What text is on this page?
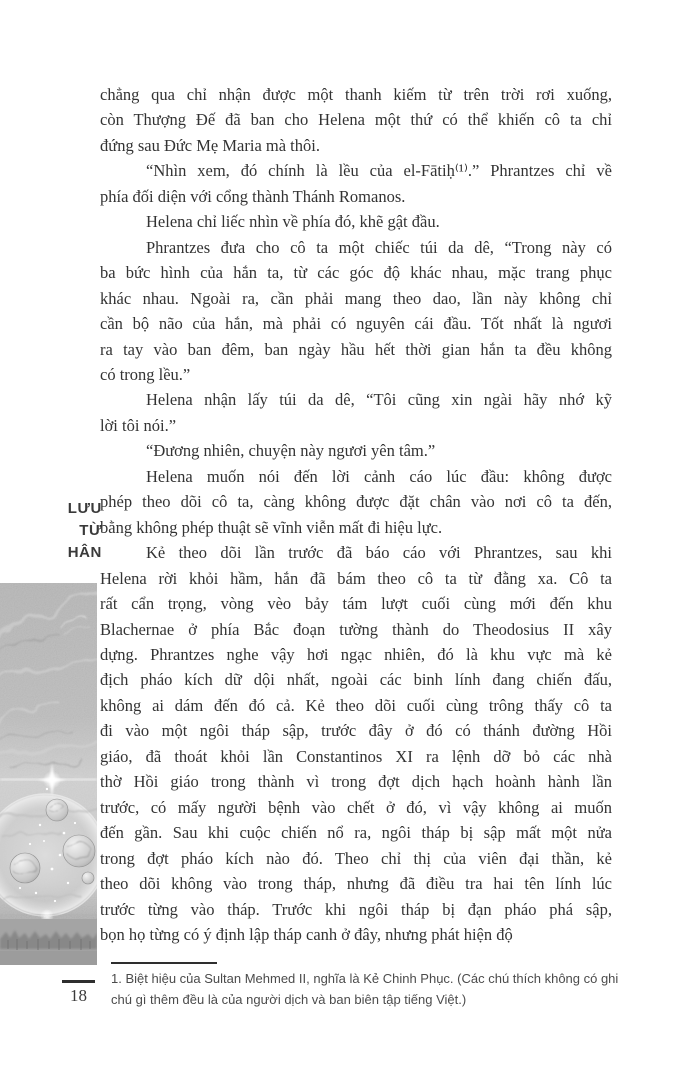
LƯU
TỪ
HÂN
chẳng qua chỉ nhận được một thanh kiếm từ trên trời rơi xuống,
còn Thượng Đế đã ban cho Helena một thứ có thể khiến cô ta chỉ
đứng sau Đức Mẹ Maria mà thôi.
“Nhìn xem, đó chính là lều của el-Fātiḥ⁽¹⁾.” Phrantzes chỉ về
phía đối diện với cổng thành Thánh Romanos.
Helena chỉ liếc nhìn về phía đó, khẽ gật đầu.
Phrantzes đưa cho cô ta một chiếc túi da dê, “Trong này có
ba bức hình của hắn ta, từ các góc độ khác nhau, mặc trang phục
khác nhau. Ngoài ra, cần phải mang theo dao, lần này không chỉ
cần bộ não của hắn, mà phải có nguyên cái đầu. Tốt nhất là ngươi
ra tay vào ban đêm, ban ngày hầu hết thời gian hắn ta đều không
có trong lều.”
Helena nhận lấy túi da dê, “Tôi cũng xin ngài hãy nhớ kỹ
lời tôi nói.”
“Đương nhiên, chuyện này ngươi yên tâm.”
Helena muốn nói đến lời cảnh cáo lúc đầu: không được
phép theo dõi cô ta, càng không được đặt chân vào nơi cô ta đến,
bằng không phép thuật sẽ vĩnh viễn mất đi hiệu lực.
Kẻ theo dõi lần trước đã báo cáo với Phrantzes, sau khi
Helena rời khỏi hầm, hắn đã bám theo cô ta từ đằng xa. Cô ta
rất cẩn trọng, vòng vèo bảy tám lượt cuối cùng mới đến khu
Blachernae ở phía Bắc đoạn tường thành do Theodosius II xây
dựng. Phrantzes nghe vậy hơi ngạc nhiên, đó là khu vực mà kẻ
địch pháo kích dữ dội nhất, ngoài các binh lính đang chiến đấu,
không ai dám đến đó cả. Kẻ theo dõi cuối cùng trông thấy cô ta
đi vào một ngôi tháp sập, trước đây ở đó có thánh đường Hồi
giáo, đã thoát khỏi lần Constantinos XI ra lệnh dỡ bỏ các nhà
thờ Hồi giáo trong thành vì trong đợt dịch hạch hoành hành lần
trước, có mấy người bệnh vào chết ở đó, vì vậy không ai muốn
đến gần. Sau khi cuộc chiến nổ ra, ngôi tháp bị sập mất một nửa
trong đợt pháo kích nào đó. Theo chỉ thị của viên đại thần, kẻ
theo dõi không vào trong tháp, nhưng đã điều tra hai tên lính lúc
trước từng vào tháp. Trước khi ngôi tháp bị đạn pháo phá sập,
bọn họ từng có ý định lập tháp canh ở đây, nhưng phát hiện độ
1. Biệt hiệu của Sultan Mehmed II, nghĩa là Kẻ Chinh Phục. (Các chú thích không có ghi
chú gì thêm đều là của người dịch và ban biên tập tiếng Việt.)
18
